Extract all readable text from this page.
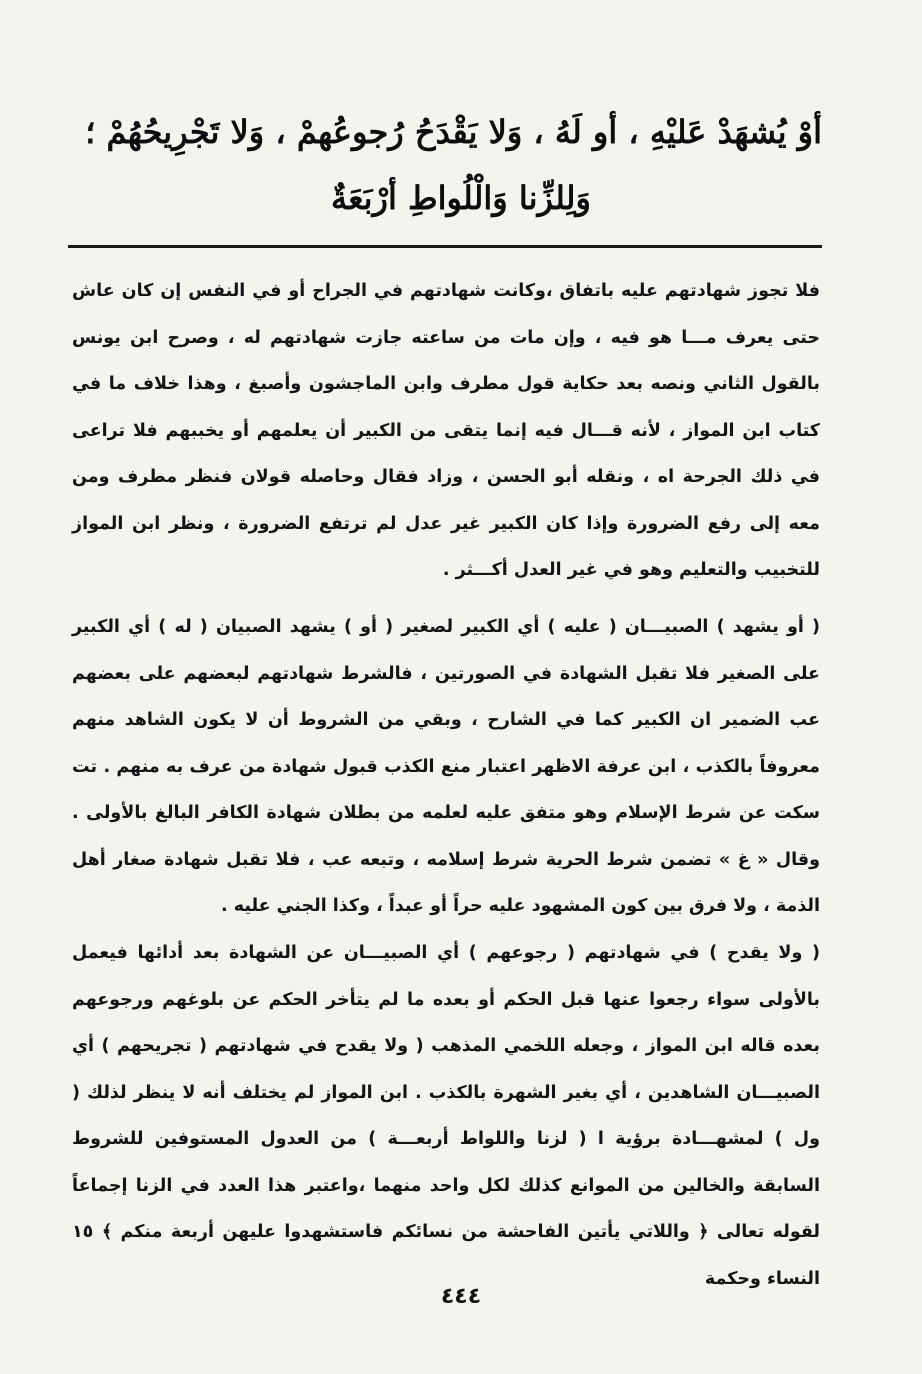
أوْ يُشهَدْ عَليْهِ ، أو لَهُ ، وَلا يَقْدَحُ رُجوعُهمْ ، وَلا تَجْرِيحُهُمْ ؛
وَلِلزِّنا وَالْلُواطِ أرْبَعَةٌ
فلا تجوز شهادتهم عليه باتفاق ،وكانت شهادتهم في الجراح أو في النفس إن كان عاش حتى يعرف مـــا هو فيه ، وإن مات من ساعته جازت شهادتهم له ، وصرح ابن يونس بالقول الثاني ونصه بعد حكاية قول مطرف وابن الماجشون وأصبغ ، وهذا خلاف ما في كتاب ابن المواز ، لأنه قـــال فيه إنما يتقى من الكبير أن يعلمهم أو يخببهم فلا تراعى في ذلك الجرحة اه ، ونقله أبو الحسن ، وزاد فقال وحاصله قولان فنظر مطرف ومن معه إلى رفع الضرورة وإذا كان الكبير غير عدل لم ترتفع الضرورة ، ونظر ابن المواز للتخبيب والتعليم وهو في غير العدل أكـــثر .
( أو يشهد ) الصبيـــان ( عليه ) أي الكبير لصغير ( أو ) يشهد الصبيان ( له ) أي الكبير على الصغير فلا تقبل الشهادة في الصورتين ، فالشرط شهادتهم لبعضهم على بعضهم عب الضمير ان الكبير كما في الشارح ، وبقي من الشروط أن لا يكون الشاهد منهم معروفاً بالكذب ، ابن عرفة الاظهر اعتبار منع الكذب قبول شهادة من عرف به منهم . تت سكت عن شرط الإسلام وهو متفق عليه لعلمه من بطلان شهادة الكافر البالغ بالأولى . وقال « غ » تضمن شرط الحرية شرط إسلامه ، وتبعه عب ، فلا تقبل شهادة صغار أهل الذمة ، ولا فرق بين كون المشهود عليه حراً أو عبداً ، وكذا الجني عليه .
( ولا يقدح ) في شهادتهم ( رجوعهم ) أي الصبيـــان عن الشهادة بعد أدائها فيعمل بالأولى سواء رجعوا عنها قبل الحكم أو بعده ما لم يتأخر الحكم عن بلوغهم ورجوعهم بعده قاله ابن المواز ، وجعله اللخمي المذهب ( ولا يقدح في شهادتهم ( تجريحهم ) أي الصبيـــان الشاهدين ، أي بغير الشهرة بالكذب . ابن المواز لم يختلف أنه لا ينظر لذلك ( ول ) لمشهـــادة برؤية ا ( لزنا واللواط أربعـــة ) من العدول المستوفين للشروط السابقة والخالين من الموانع كذلك لكل واحد منهما ،واعتبر هذا العدد في الزنا إجماعاً لقوله تعالى ﴿ واللاتي يأتين الفاحشة من نسائكم فاستشهدوا عليهن أربعة منكم ﴾ ١٥ النساء وحكمة
٤٤٤
